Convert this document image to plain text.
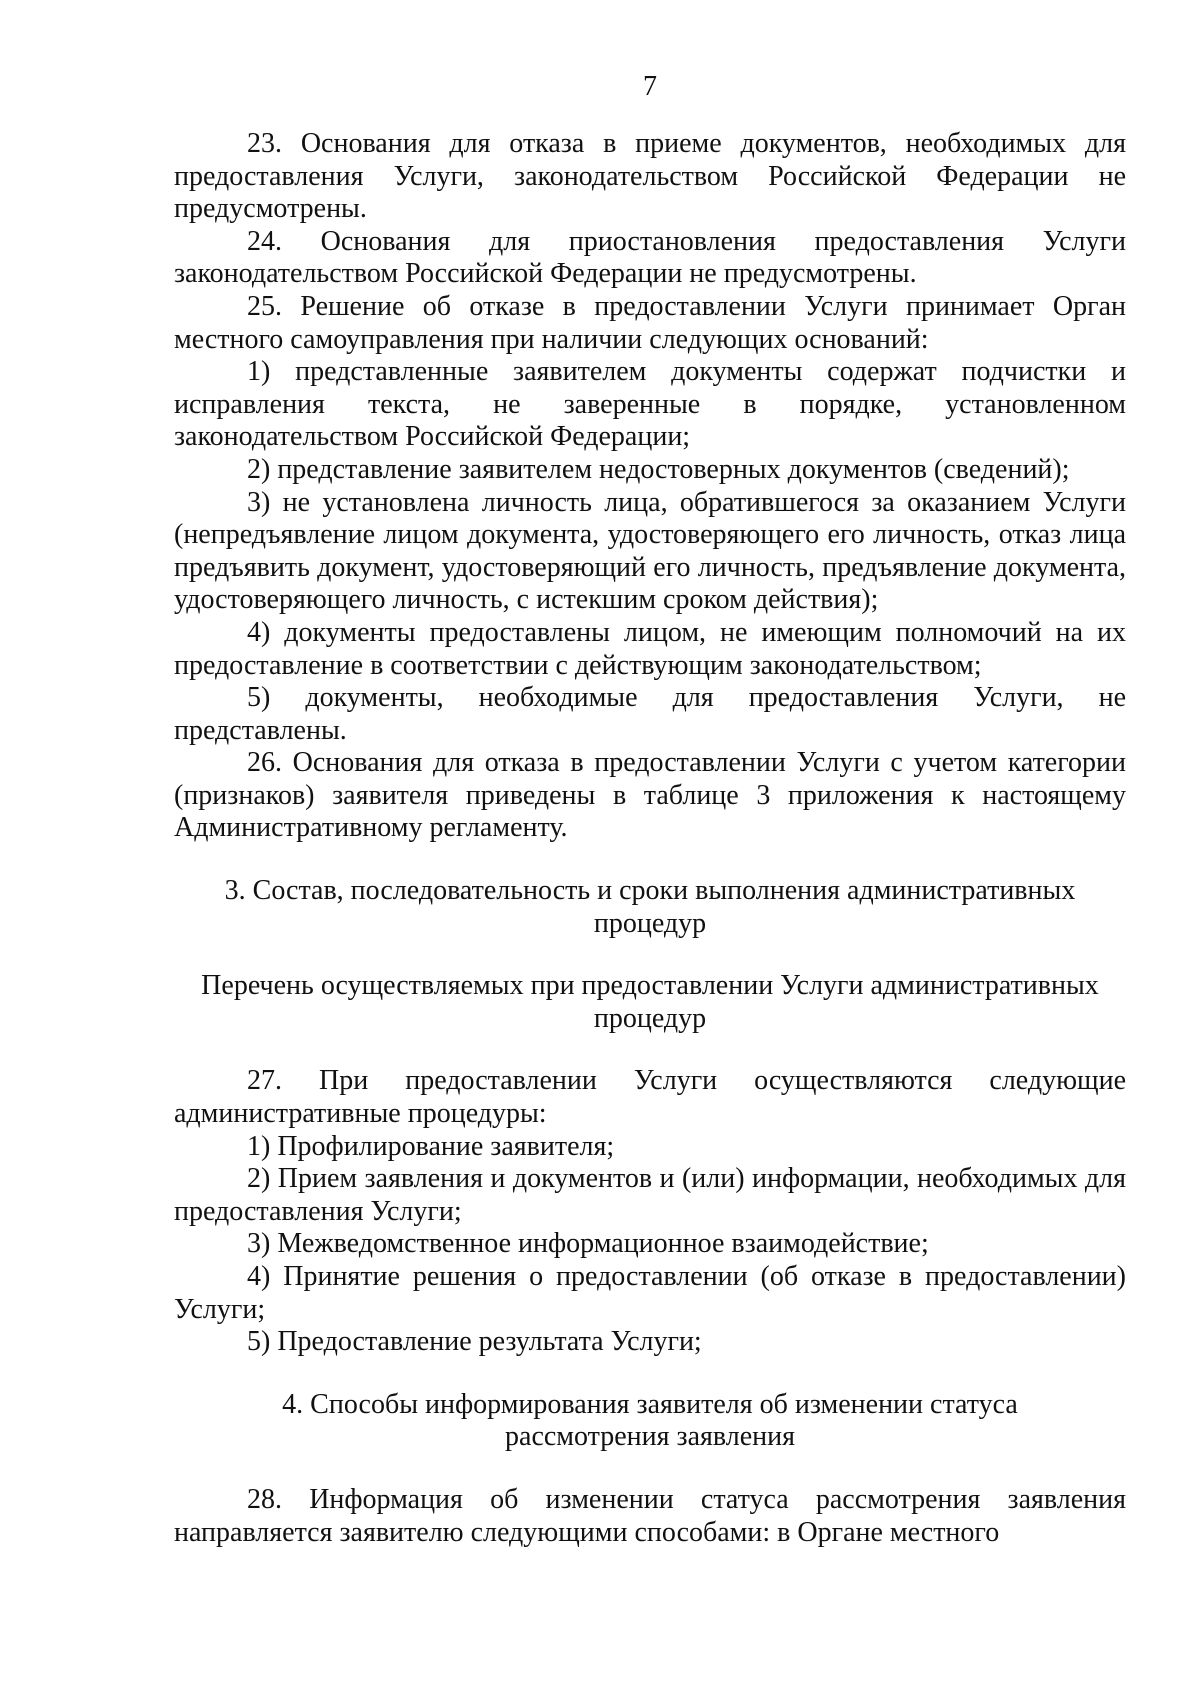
7

23. Основания для отказа в приеме документов, необходимых для предоставления Услуги, законодательством Российской Федерации не предусмотрены.

24. Основания для приостановления предоставления Услуги законодательством Российской Федерации не предусмотрены.

25. Решение об отказе в предоставлении Услуги принимает Орган местного самоуправления при наличии следующих оснований:

1) представленные заявителем документы содержат подчистки и исправления текста, не заверенные в порядке, установленном законодательством Российской Федерации;

2) представление заявителем недостоверных документов (сведений);

3) не установлена личность лица, обратившегося за оказанием Услуги (непредъявление лицом документа, удостоверяющего его личность, отказ лица предъявить документ, удостоверяющий его личность, предъявление документа, удостоверяющего личность, с истекшим сроком действия);

4) документы предоставлены лицом, не имеющим полномочий на их предоставление в соответствии с действующим законодательством;

5) документы, необходимые для предоставления Услуги, не представлены.

26. Основания для отказа в предоставлении Услуги с учетом категории (признаков) заявителя приведены в таблице 3 приложения к настоящему Административному регламенту.

3. Состав, последовательность и сроки выполнения административных
процедур
Перечень осуществляемых при предоставлении Услуги административных
процедур

27. При предоставлении Услуги осуществляются следующие административные процедуры:

1) Профилирование заявителя;

2) Прием заявления и документов и (или) информации, необходимых для предоставления Услуги;

3) Межведомственное информационное взаимодействие;

4) Принятие решения о предоставлении (об отказе в предоставлении) Услуги;

5) Предоставление результата Услуги;

4. Способы информирования заявителя об изменении статуса
рассмотрения заявления

28. Информация об изменении статуса рассмотрения заявления направляется заявителю следующими способами: в Органе местного
